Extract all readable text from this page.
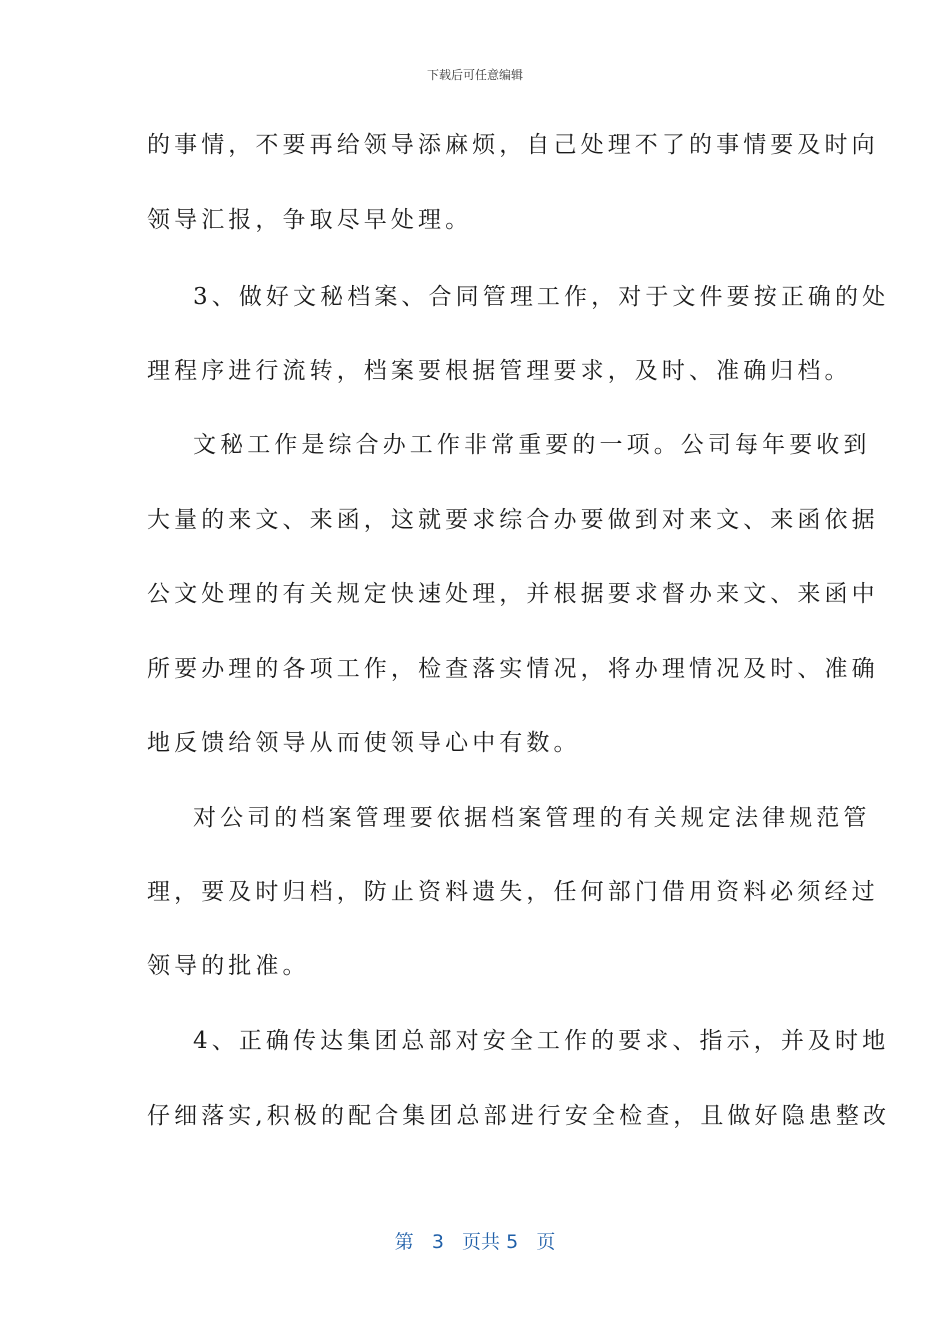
下载后可任意编辑
的事情，不要再给领导添麻烦，自己处理不了的事情要及时向
领导汇报，争取尽早处理。
3、做好文秘档案、合同管理工作，对于文件要按正确的处
理程序进行流转，档案要根据管理要求，及时、准确归档。
文秘工作是综合办工作非常重要的一项。公司每年要收到
大量的来文、来函，这就要求综合办要做到对来文、来函依据
公文处理的有关规定快速处理，并根据要求督办来文、来函中
所要办理的各项工作，检查落实情况，将办理情况及时、准确
地反馈给领导从而使领导心中有数。
对公司的档案管理要依据档案管理的有关规定法律规范管
理，要及时归档，防止资料遗失，任何部门借用资料必须经过
领导的批准。
4、正确传达集团总部对安全工作的要求、指示，并及时地
仔细落实,积极的配合集团总部进行安全检查，且做好隐患整改
第 3 页共 5 页
